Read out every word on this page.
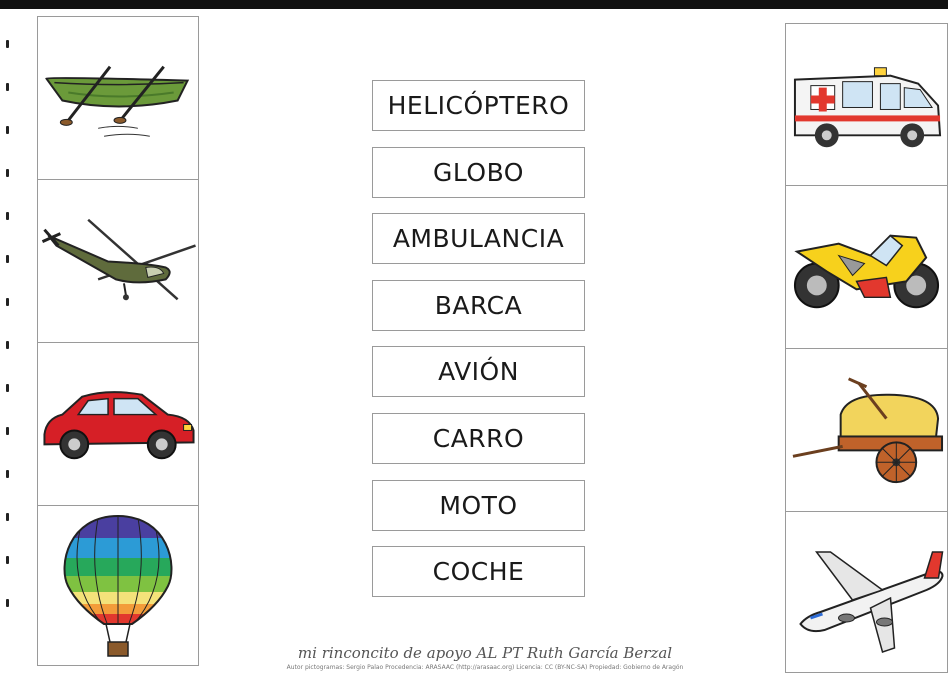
HELICÓPTERO
GLOBO
AMBULANCIA
BARCA
AVIÓN
CARRO
MOTO
COCHE
mi rinconcito de apoyo AL PT Ruth García Berzal
Autor pictogramas: Sergio Palao Procedencia: ARASAAC (http://arasaac.org) Licencia: CC (BY-NC-SA) Propiedad: Gobierno de Aragón
